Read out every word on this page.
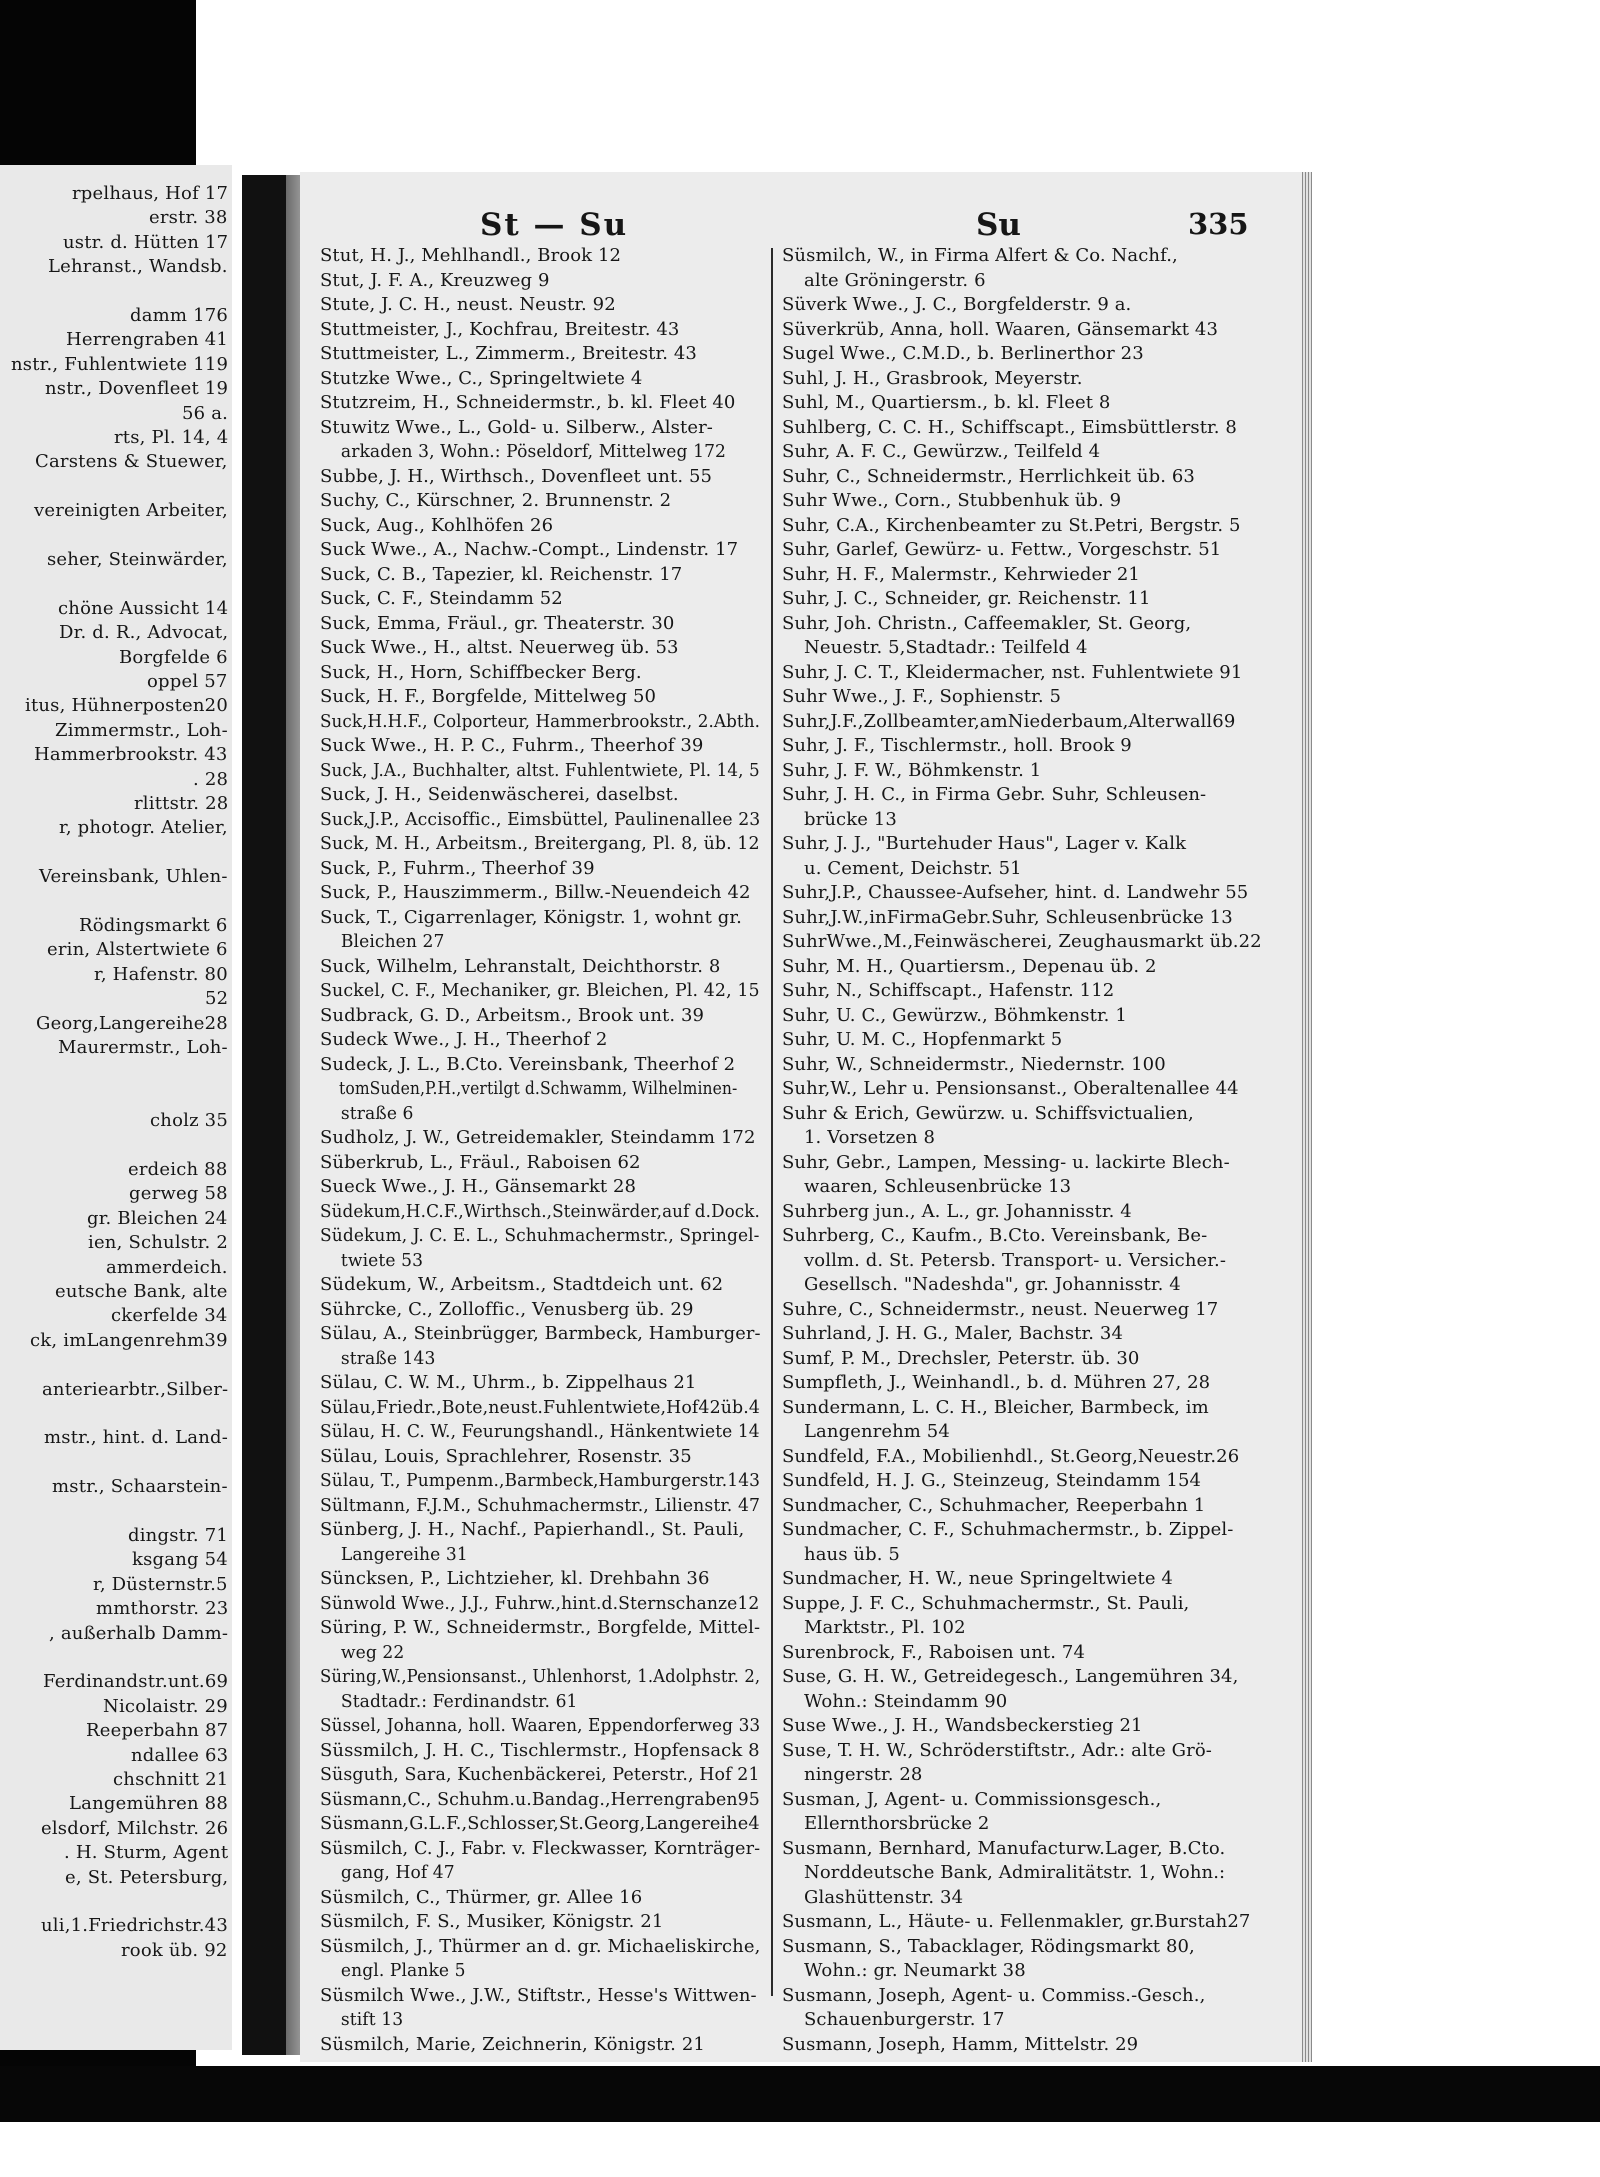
rpelhaus, Hof 17
erstr. 38
ustr. d. Hütten 17
Lehranst., Wandsb.
damm 176
Herrengraben 41
nstr., Fuhlentwiete 119
nstr., Dovenfleet 19
56 a.
rts, Pl. 14, 4
Carstens & Stuewer,
vereinigten Arbeiter,
seher, Steinwärder,
chöne Aussicht 14
Dr. d. R., Advocat,
Borgfelde 6
oppel 57
itus, Hühnerposten20
Zimmermstr., Loh-
Hammerbrookstr. 43
. 28
rlittstr. 28
r, photogr. Atelier,
Vereinsbank, Uhlen-
Rödingsmarkt 6
erin, Alstertwiete 6
r, Hafenstr. 80
52
Georg,Langereihe28
Maurermstr., Loh-
cholz 35
erdeich 88
gerweg 58
gr. Bleichen 24
ien, Schulstr. 2
ammerdeich.
eutsche Bank, alte
ckerfelde 34
ck, imLangenrehm39
anteriearbtr.,Silber-
mstr., hint. d. Land-
mstr., Schaarstein-
dingstr. 71
ksgang 54
r, Düsternstr.5
mmthorstr. 23
, außerhalb Damm-
Ferdinandstr.unt.69
Nicolaistr. 29
Reeperbahn 87
ndallee 63
chschnitt 21
Langemühren 88
elsdorf, Milchstr. 26
. H. Sturm, Agent
e, St. Petersburg,
uli,1.Friedrichstr.43
rook üb. 92
St — Su	Su	335
Stut, H. J., Mehlhandl., Brook 12
Stut, J. F. A., Kreuzweg 9
Stute, J. C. H., neust. Neustr. 92
Stuttmeister, J., Kochfrau, Breitestr. 43
Stuttmeister, L., Zimmerm., Breitestr. 43
Stutzke Wwe., C., Springeltwiete 4
Stutzreim, H., Schneidermstr., b. kl. Fleet 40
Stuwitz Wwe., L., Gold- u. Silberw., Alster-
arkaden 3, Wohn.: Pöseldorf, Mittelweg 172
Subbe, J. H., Wirthsch., Dovenfleet unt. 55
Suchy, C., Kürschner, 2. Brunnenstr. 2
Suck, Aug., Kohlhöfen 26
Suck Wwe., A., Nachw.-Compt., Lindenstr. 17
Suck, C. B., Tapezier, kl. Reichenstr. 17
Suck, C. F., Steindamm 52
Suck, Emma, Fräul., gr. Theaterstr. 30
Suck Wwe., H., altst. Neuerweg üb. 53
Suck, H., Horn, Schiffbecker Berg.
Suck, H. F., Borgfelde, Mittelweg 50
Suck,H.H.F., Colporteur, Hammerbrookstr., 2.Abth.
Suck Wwe., H. P. C., Fuhrm., Theerhof 39
Suck, J.A., Buchhalter, altst. Fuhlentwiete, Pl. 14, 5
Suck, J. H., Seidenwäscherei, daselbst.
Suck,J.P., Accisoffic., Eimsbüttel, Paulinenallee 23
Suck, M. H., Arbeitsm., Breitergang, Pl. 8, üb. 12
Suck, P., Fuhrm., Theerhof 39
Suck, P., Hauszimmerm., Billw.-Neuendeich 42
Suck, T., Cigarrenlager, Königstr. 1, wohnt gr.
Bleichen 27
Suck, Wilhelm, Lehranstalt, Deichthorstr. 8
Suckel, C. F., Mechaniker, gr. Bleichen, Pl. 42, 15
Sudbrack, G. D., Arbeitsm., Brook unt. 39
Sudeck Wwe., J. H., Theerhof 2
Sudeck, J. L., B.Cto. Vereinsbank, Theerhof 2
tomSuden,P.H.,vertilgt d.Schwamm, Wilhelminen-
straße 6
Sudholz, J. W., Getreidemakler, Steindamm 172
Süberkrub, L., Fräul., Raboisen 62
Sueck Wwe., J. H., Gänsemarkt 28
Südekum,H.C.F.,Wirthsch.,Steinwärder,auf d.Dock.
Südekum, J. C. E. L., Schuhmachermstr., Springel-
twiete 53
Südekum, W., Arbeitsm., Stadtdeich unt. 62
Sührcke, C., Zolloffic., Venusberg üb. 29
Sülau, A., Steinbrügger, Barmbeck, Hamburger-
straße 143
Sülau, C. W. M., Uhrm., b. Zippelhaus 21
Sülau,Friedr.,Bote,neust.Fuhlentwiete,Hof42üb.4
Sülau, H. C. W., Feurungshandl., Hänkentwiete 14
Sülau, Louis, Sprachlehrer, Rosenstr. 35
Sülau, T., Pumpenm.,Barmbeck,Hamburgerstr.143
Sültmann, F.J.M., Schuhmachermstr., Lilienstr. 47
Sünberg, J. H., Nachf., Papierhandl., St. Pauli,
Langereihe 31
Süncksen, P., Lichtzieher, kl. Drehbahn 36
Sünwold Wwe., J.J., Fuhrw.,hint.d.Sternschanze12
Süring, P. W., Schneidermstr., Borgfelde, Mittel-
weg 22
Süring,W.,Pensionsanst., Uhlenhorst, 1.Adolphstr. 2,
Stadtadr.: Ferdinandstr. 61
Süssel, Johanna, holl. Waaren, Eppendorferweg 33
Süssmilch, J. H. C., Tischlermstr., Hopfensack 8
Süsguth, Sara, Kuchenbäckerei, Peterstr., Hof 21
Süsmann,C., Schuhm.u.Bandag.,Herrengraben95
Süsmann,G.L.F.,Schlosser,St.Georg,Langereihe4
Süsmilch, C. J., Fabr. v. Fleckwasser, Kornträger-
gang, Hof 47
Süsmilch, C., Thürmer, gr. Allee 16
Süsmilch, F. S., Musiker, Königstr. 21
Süsmilch, J., Thürmer an d. gr. Michaeliskirche,
engl. Planke 5
Süsmilch Wwe., J.W., Stiftstr., Hesse's Wittwen-
stift 13
Süsmilch, Marie, Zeichnerin, Königstr. 21
Süsmilch, W., in Firma Alfert & Co. Nachf.,
alte Gröningerstr. 6
Süverk Wwe., J. C., Borgfelderstr. 9 a.
Süverkrüb, Anna, holl. Waaren, Gänsemarkt 43
Sugel Wwe., C.M.D., b. Berlinerthor 23
Suhl, J. H., Grasbrook, Meyerstr.
Suhl, M., Quartiersm., b. kl. Fleet 8
Suhlberg, C. C. H., Schiffscapt., Eimsbüttlerstr. 8
Suhr, A. F. C., Gewürzw., Teilfeld 4
Suhr, C., Schneidermstr., Herrlichkeit üb. 63
Suhr Wwe., Corn., Stubbenhuk üb. 9
Suhr, C.A., Kirchenbeamter zu St.Petri, Bergstr. 5
Suhr, Garlef, Gewürz- u. Fettw., Vorgeschstr. 51
Suhr, H. F., Malermstr., Kehrwieder 21
Suhr, J. C., Schneider, gr. Reichenstr. 11
Suhr, Joh. Christn., Caffeemakler, St. Georg,
Neuestr. 5,Stadtadr.: Teilfeld 4
Suhr, J. C. T., Kleidermacher, nst. Fuhlentwiete 91
Suhr Wwe., J. F., Sophienstr. 5
Suhr,J.F.,Zollbeamter,amNiederbaum,Alterwall69
Suhr, J. F., Tischlermstr., holl. Brook 9
Suhr, J. F. W., Böhmkenstr. 1
Suhr, J. H. C., in Firma Gebr. Suhr, Schleusen-
brücke 13
Suhr, J. J., "Burtehuder Haus", Lager v. Kalk
u. Cement, Deichstr. 51
Suhr,J.P., Chaussee-Aufseher, hint. d. Landwehr 55
Suhr,J.W.,inFirmaGebr.Suhr, Schleusenbrücke 13
SuhrWwe.,M.,Feinwäscherei, Zeughausmarkt üb.22
Suhr, M. H., Quartiersm., Depenau üb. 2
Suhr, N., Schiffscapt., Hafenstr. 112
Suhr, U. C., Gewürzw., Böhmkenstr. 1
Suhr, U. M. C., Hopfenmarkt 5
Suhr, W., Schneidermstr., Niedernstr. 100
Suhr,W., Lehr u. Pensionsanst., Oberaltenallee 44
Suhr & Erich, Gewürzw. u. Schiffsvictualien,
1. Vorsetzen 8
Suhr, Gebr., Lampen, Messing- u. lackirte Blech-
waaren, Schleusenbrücke 13
Suhrberg jun., A. L., gr. Johannisstr. 4
Suhrberg, C., Kaufm., B.Cto. Vereinsbank, Be-
vollm. d. St. Petersb. Transport- u. Versicher.-
Gesellsch. "Nadeshda", gr. Johannisstr. 4
Suhre, C., Schneidermstr., neust. Neuerweg 17
Suhrland, J. H. G., Maler, Bachstr. 34
Sumf, P. M., Drechsler, Peterstr. üb. 30
Sumpfleth, J., Weinhandl., b. d. Mühren 27, 28
Sundermann, L. C. H., Bleicher, Barmbeck, im
Langenrehm 54
Sundfeld, F.A., Mobilienhdl., St.Georg,Neuestr.26
Sundfeld, H. J. G., Steinzeug, Steindamm 154
Sundmacher, C., Schuhmacher, Reeperbahn 1
Sundmacher, C. F., Schuhmachermstr., b. Zippel-
haus üb. 5
Sundmacher, H. W., neue Springeltwiete 4
Suppe, J. F. C., Schuhmachermstr., St. Pauli,
Marktstr., Pl. 102
Surenbrock, F., Raboisen unt. 74
Suse, G. H. W., Getreidegesch., Langemühren 34,
Wohn.: Steindamm 90
Suse Wwe., J. H., Wandsbeckerstieg 21
Suse, T. H. W., Schröderstiftstr., Adr.: alte Grö-
ningerstr. 28
Susman, J, Agent- u. Commissionsgesch.,
Ellernthorsbrücke 2
Susmann, Bernhard, Manufacturw.Lager, B.Cto.
Norddeutsche Bank, Admiralitätstr. 1, Wohn.:
Glashüttenstr. 34
Susmann, L., Häute- u. Fellenmakler, gr.Burstah27
Susmann, S., Tabacklager, Rödingsmarkt 80,
Wohn.: gr. Neumarkt 38
Susmann, Joseph, Agent- u. Commiss.-Gesch.,
Schauenburgerstr. 17
Susmann, Joseph, Hamm, Mittelstr. 29
